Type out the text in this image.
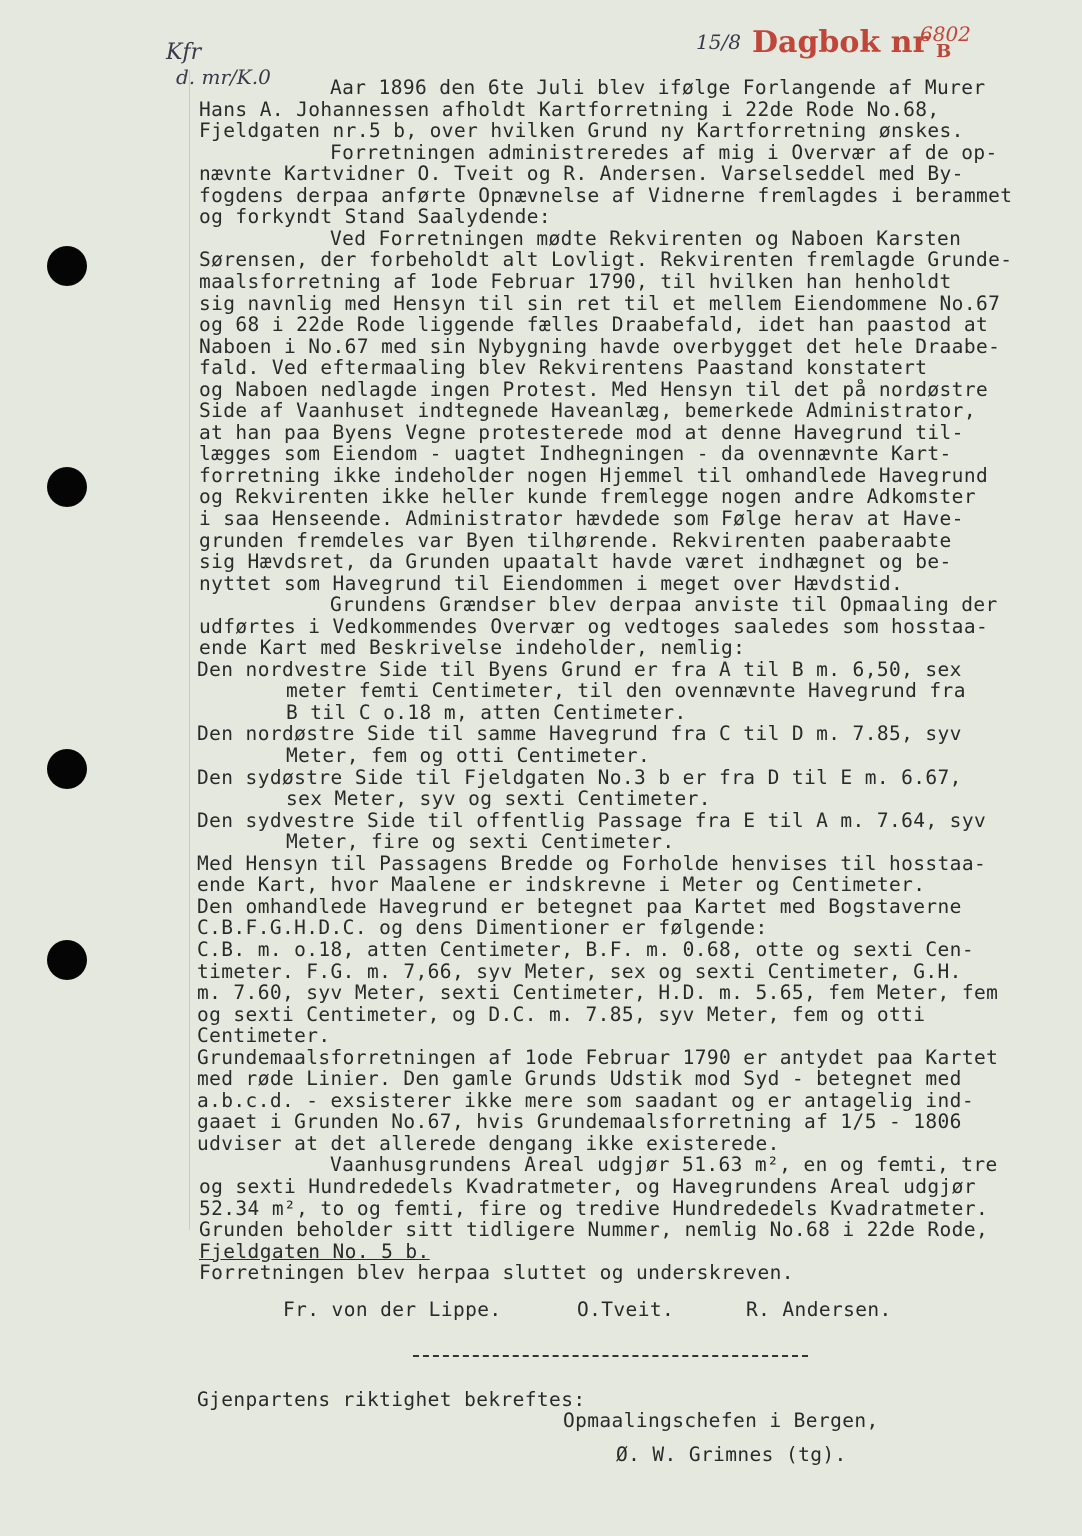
Kfr
d. mr/K.0
15/8 Dagbok nr
6802
B
Aar 1896 den 6te Juli blev ifølge Forlangende af Murer
Hans A. Johannessen afholdt Kartforretning i 22de Rode No.68,
Fjeldgaten nr.5 b, over hvilken Grund ny Kartforretning ønskes.
Forretningen administreredes af mig i Overvær af de op-
nævnte Kartvidner O. Tveit og R. Andersen. Varselseddel med By-
fogdens derpaa anførte Opnævnelse af Vidnerne fremlagdes i berammet
og forkyndt Stand Saalydende:
Ved Forretningen mødte Rekvirenten og Naboen Karsten
Sørensen, der forbeholdt alt Lovligt. Rekvirenten fremlagde Grunde-
maalsforretning af 1ode Februar 1790, til hvilken han henholdt
sig navnlig med Hensyn til sin ret til et mellem Eiendommene No.67
og 68 i 22de Rode liggende fælles Draabefald, idet han paastod at
Naboen i No.67 med sin Nybygning havde overbygget det hele Draabe-
fald. Ved eftermaaling blev Rekvirentens Paastand konstatert
og Naboen nedlagde ingen Protest. Med Hensyn til det på nordøstre
Side af Vaanhuset indtegnede Haveanlæg, bemerkede Administrator,
at han paa Byens Vegne protesterede mod at denne Havegrund til-
lægges som Eiendom - uagtet Indhegningen - da ovennævnte Kart-
forretning ikke indeholder nogen Hjemmel til omhandlede Havegrund
og Rekvirenten ikke heller kunde fremlegge nogen andre Adkomster
i saa Henseende. Administrator hævdede som Følge herav at Have-
grunden fremdeles var Byen tilhørende. Rekvirenten paaberaabte
sig Hævdsret, da Grunden upaatalt havde været indhægnet og be-
nyttet som Havegrund til Eiendommen i meget over Hævdstid.
Grundens Grændser blev derpaa anviste til Opmaaling der
udførtes i Vedkommendes Overvær og vedtoges saaledes som hosstaa-
ende Kart med Beskrivelse indeholder, nemlig:
Den nordvestre Side til Byens Grund er fra A til B m. 6,50, sex
meter femti Centimeter, til den ovennævnte Havegrund fra
B til C o.18 m, atten Centimeter.
Den nordøstre Side til samme Havegrund fra C til D m. 7.85, syv
Meter, fem og otti Centimeter.
Den sydøstre Side til Fjeldgaten No.3 b er fra D til E m. 6.67,
sex Meter, syv og sexti Centimeter.
Den sydvestre Side til offentlig Passage fra E til A m. 7.64, syv
Meter, fire og sexti Centimeter.
Med Hensyn til Passagens Bredde og Forholde henvises til hosstaa-
ende Kart, hvor Maalene er indskrevne i Meter og Centimeter.
Den omhandlede Havegrund er betegnet paa Kartet med Bogstaverne
C.B.F.G.H.D.C. og dens Dimentioner er følgende:
C.B. m. o.18, atten Centimeter, B.F. m. 0.68, otte og sexti Cen-
timeter. F.G. m. 7,66, syv Meter, sex og sexti Centimeter, G.H.
m. 7.60, syv Meter, sexti Centimeter, H.D. m. 5.65, fem Meter, fem
og sexti Centimeter, og D.C. m. 7.85, syv Meter, fem og otti
Centimeter.
Grundemaalsforretningen af 1ode Februar 1790 er antydet paa Kartet
med røde Linier. Den gamle Grunds Udstik mod Syd - betegnet med
a.b.c.d. - exsisterer ikke mere som saadant og er antagelig ind-
gaaet i Grunden No.67, hvis Grundemaalsforretning af 1/5 - 1806
udviser at det allerede dengang ikke existerede.
Vaanhusgrundens Areal udgjør 51.63 m², en og femti, tre
og sexti Hundrededels Kvadratmeter, og Havegrundens Areal udgjør
52.34 m², to og femti, fire og tredive Hundrededels Kvadratmeter.
Grunden beholder sitt tidligere Nummer, nemlig No.68 i 22de Rode,
Fjeldgaten No. 5 b.
Forretningen blev herpaa sluttet og underskreven.
Fr. von der Lippe.	O.Tveit.	R. Andersen.
Gjenpartens riktighet bekreftes:
Opmaalingschefen i Bergen,
Ø. W. Grimnes (tg).
